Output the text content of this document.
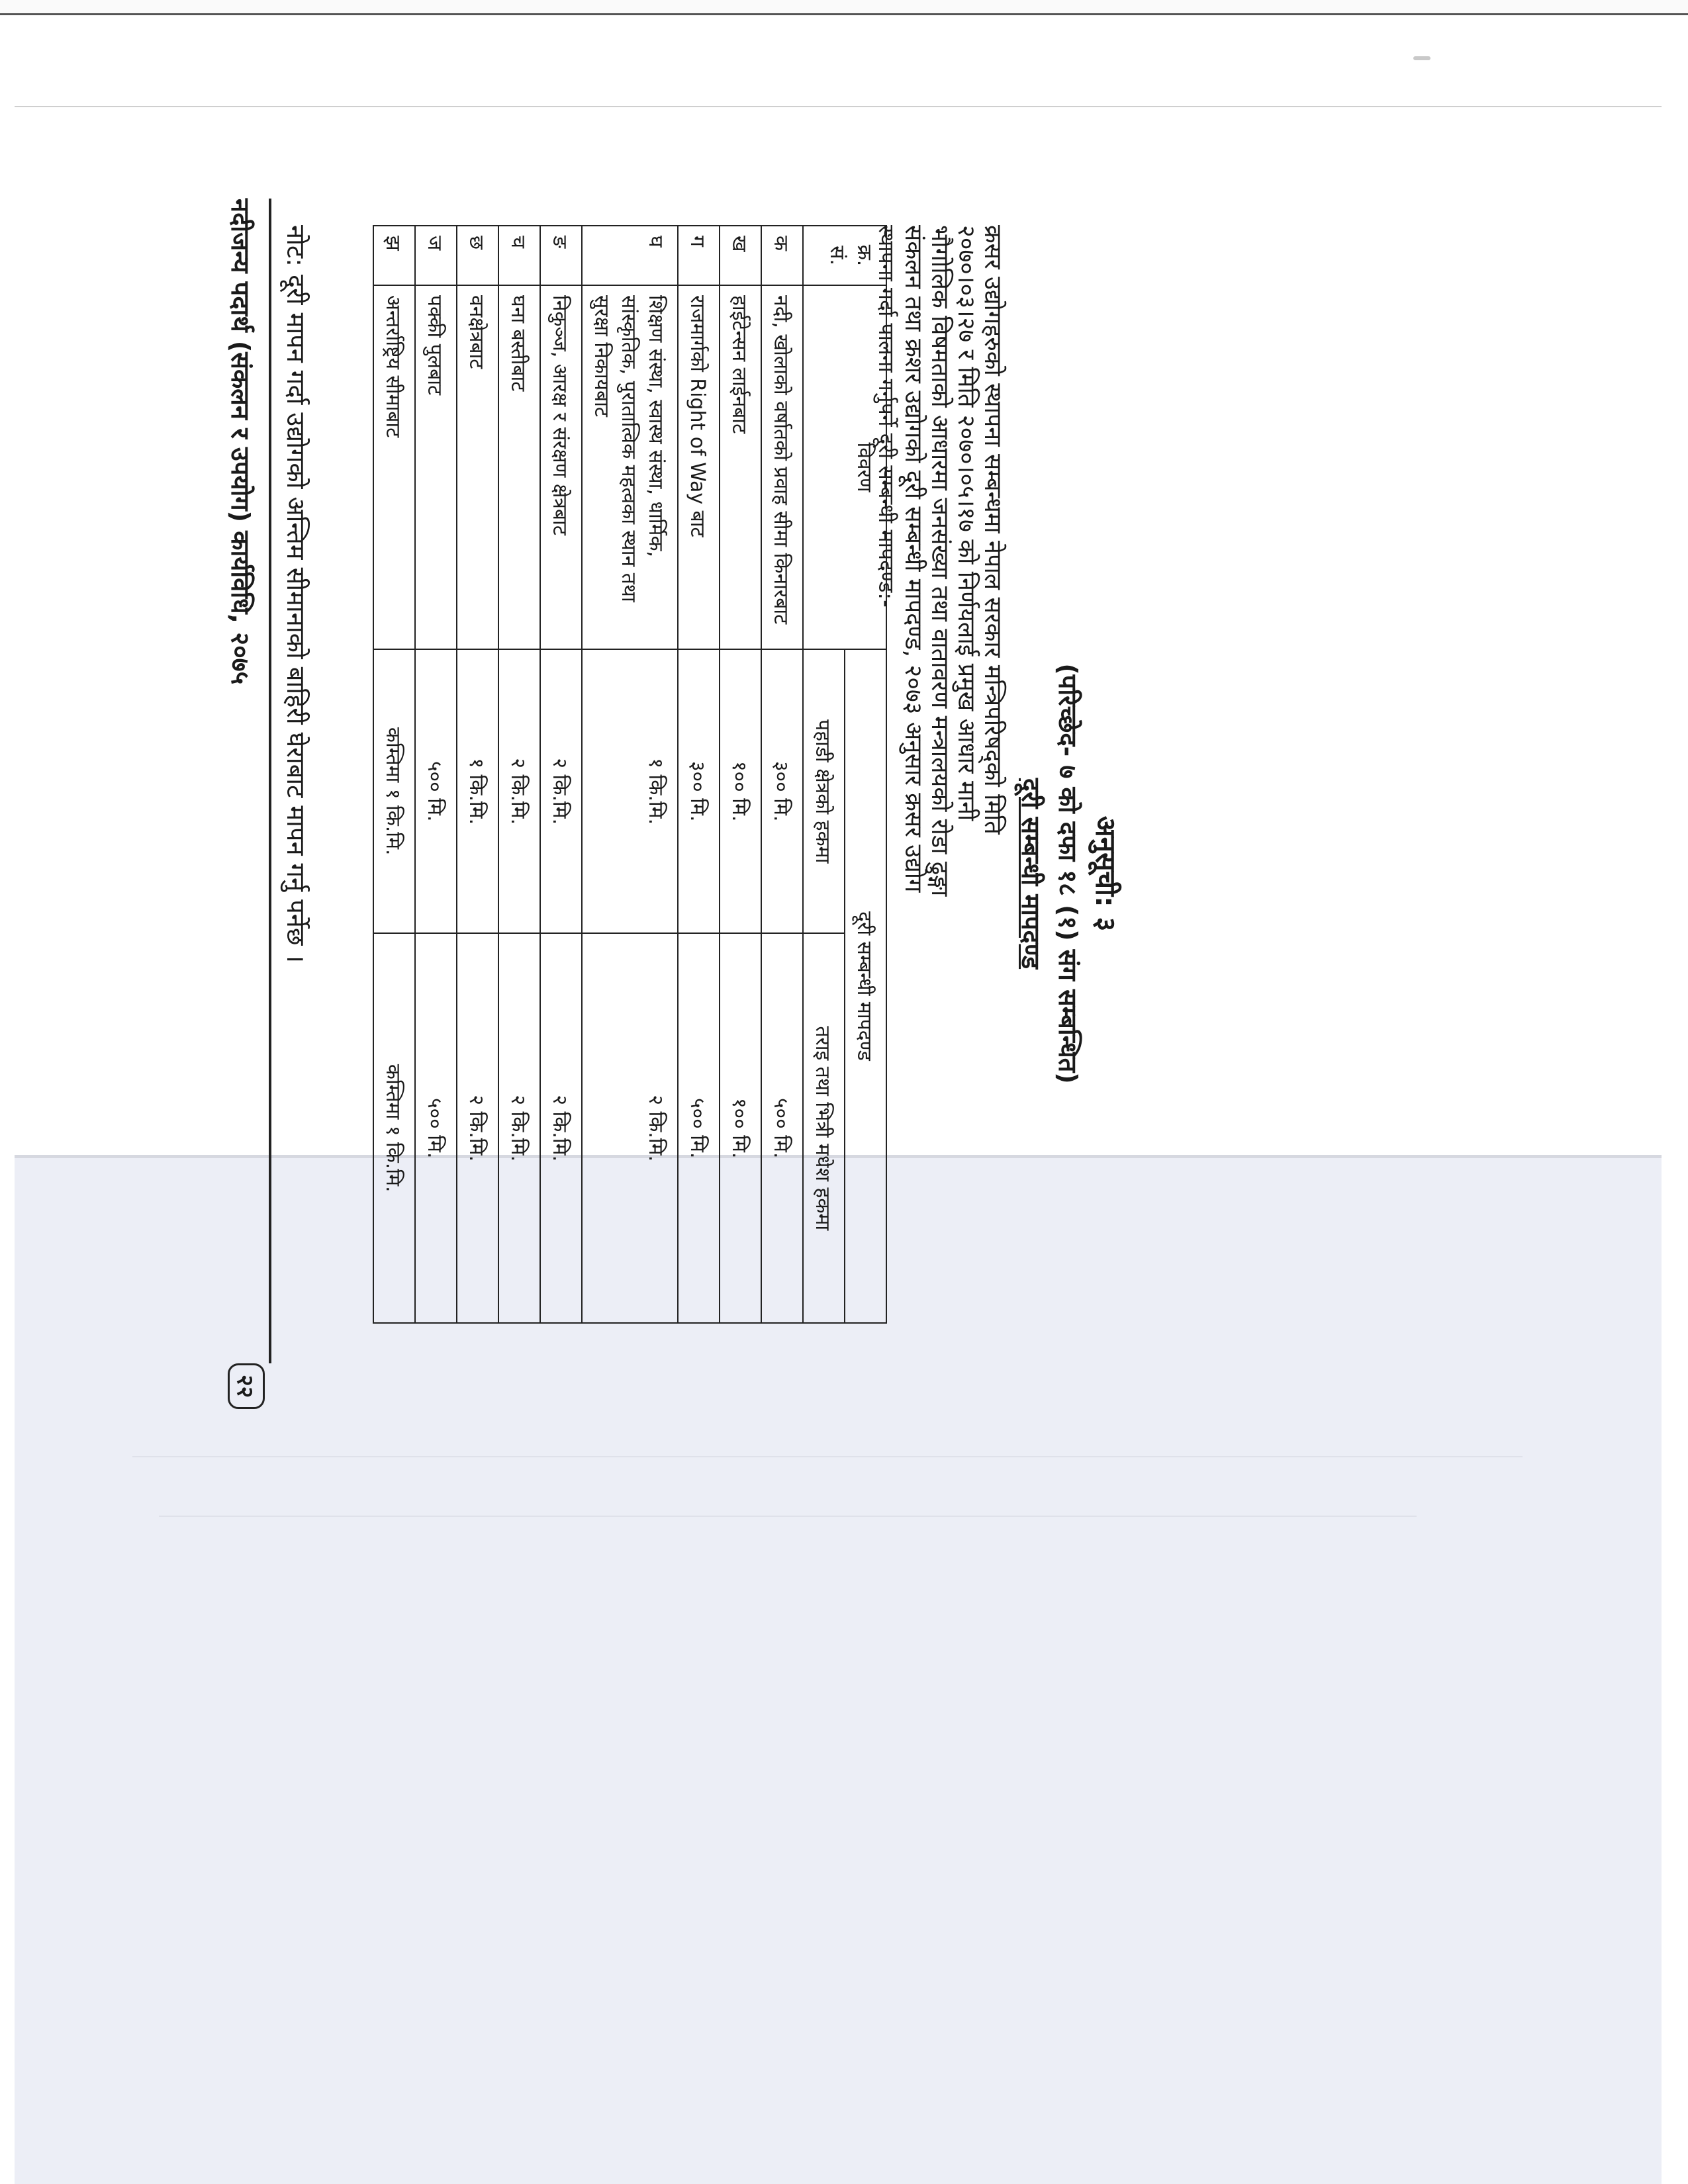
अनुसूची: ३
(परिच्छेद- ७ को दफा १८ (१) संग सम्बन्धित)
दूरी सम्बन्धी मापदण्ड
क्रसर उद्योगहरुको स्थापना सम्बन्धमा नेपाल सरकार मन्त्रिपरिषद्को मिति
२०७०।०३।२७ र मिति २०७०।०५।१७ को निर्णयलाई प्रमुख आधार मानी
भौगोलिक विषमताको आधारमा जनसंख्या तथा वातावरण मन्त्रालयको रोडा ढुङ्गा
संकलन तथा क्रशर उद्योगको दूरी सम्बन्धी मापदण्ड, २०७३ अनुसार क्रसर उद्योग
स्थापना गर्दा पालना गर्नुपर्ने दूरी सम्बन्धी मापदण्ड:-
क्र.
सं.	विवरण	दूरी सम्बन्धी मापदण्ड	
		पहाडी क्षेत्रको हकमा	तराइ तथा भित्री मधेश हकमा
क	नदी, खोलाको वर्षातको प्रवाह सीमा किनारबाट	३०० मि.	५०० मि.
ख	हाईटेन्सन लाईनबाट	१०० मि.	१०० मि.
ग	राजमार्गको Right of Way बाट	३०० मि.	५०० मि.
घ	शिक्षण संस्था, स्वास्थ संस्था, धार्मिक, सांस्कृतिक, पुरातात्विक महत्वका स्थान तथा सुरक्षा निकायबाट	१ कि.मि.	२ कि.मि.
ङ	निकुञ्ज, आरक्ष र संरक्षण क्षेत्रबाट	२ कि.मि.	२ कि.मि.
च	घना बस्तीबाट	२ कि.मि.	२ कि.मि.
छ	वनक्षेत्रबाट	१ कि.मि.	२ कि.मि.
ज	पक्की पुलबाट	५०० मि.	५०० मि.
झ	अन्तर्राष्ट्रिय सीमाबाट	कम्तिमा १ कि.मि.	कम्तिमा १ कि.मि.
नोट: दूरी मापन गर्दा उद्योगको अन्तिम सीमानाको बाहिरी घेराबाट मापन गर्नु पर्नेछ ।
नदीजन्य पदार्थ (संकलन र उपयोग) कार्यविधि, २०७५
२२
